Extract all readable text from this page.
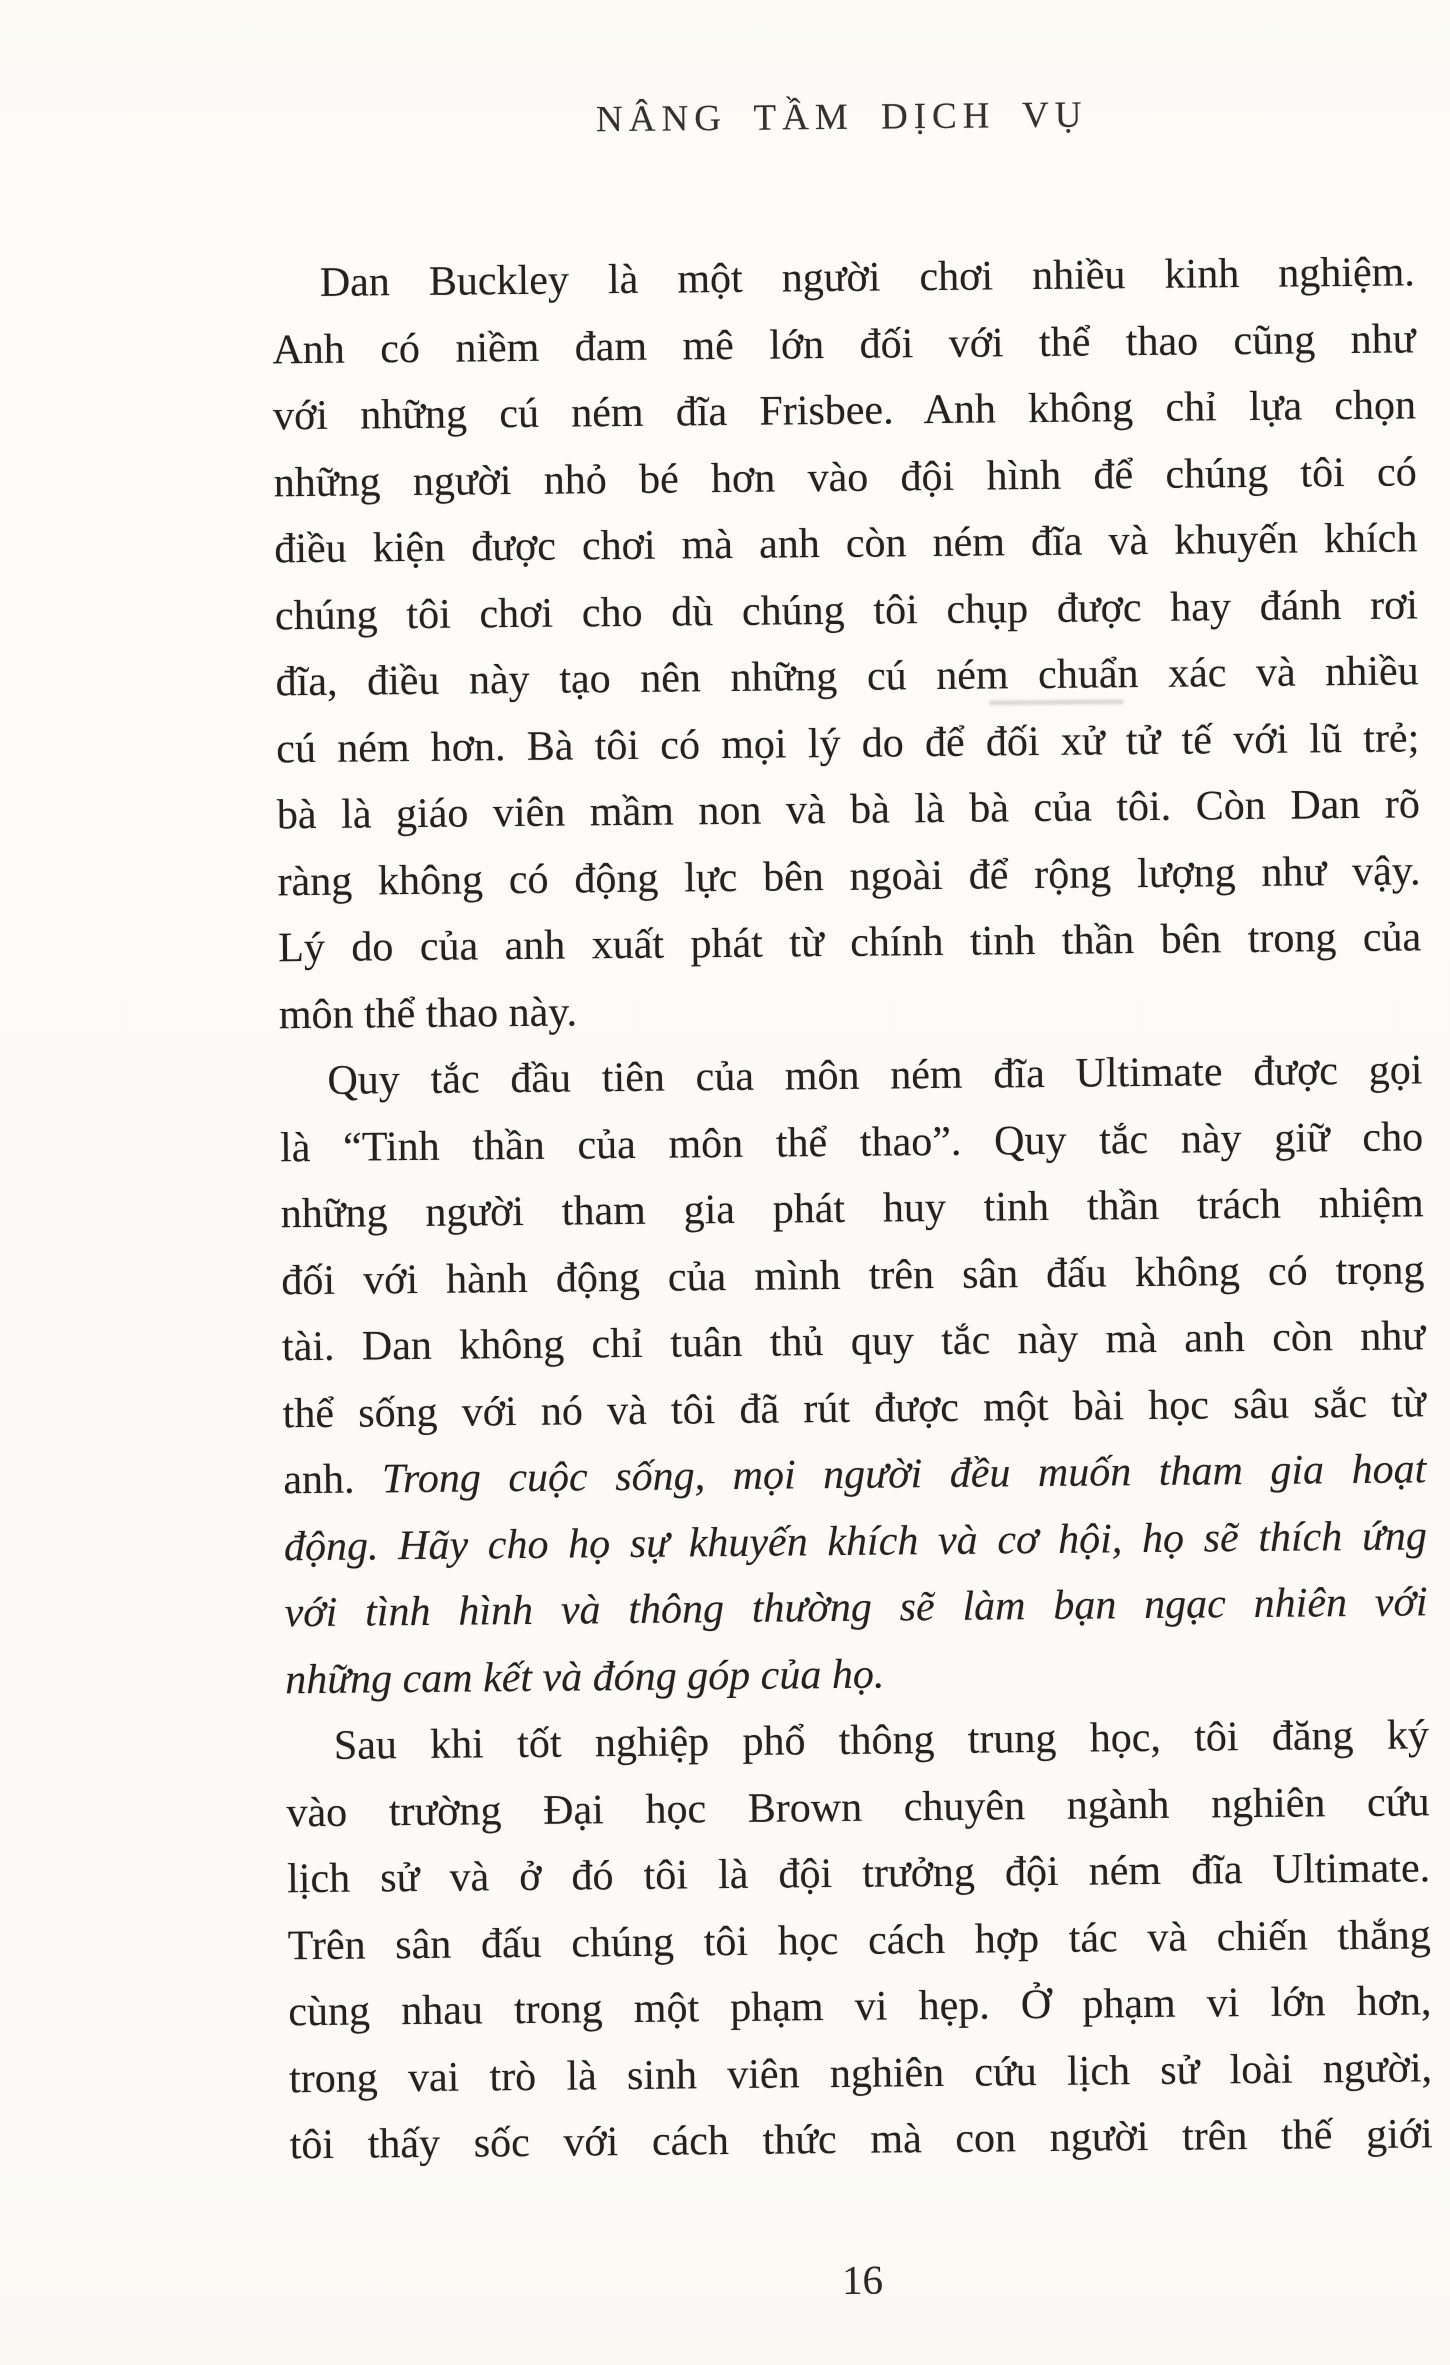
NÂNG TẦM DỊCH VỤ
Dan Buckley là một người chơi nhiều kinh nghiệm.
Anh có niềm đam mê lớn đối với thể thao cũng như
với những cú ném đĩa Frisbee. Anh không chỉ lựa chọn
những người nhỏ bé hơn vào đội hình để chúng tôi có
điều kiện được chơi mà anh còn ném đĩa và khuyến khích
chúng tôi chơi cho dù chúng tôi chụp được hay đánh rơi
đĩa, điều này tạo nên những cú ném chuẩn xác và nhiều
cú ném hơn. Bà tôi có mọi lý do để đối xử tử tế với lũ trẻ;
bà là giáo viên mầm non và bà là bà của tôi. Còn Dan rõ
ràng không có động lực bên ngoài để rộng lượng như vậy.
Lý do của anh xuất phát từ chính tinh thần bên trong của
môn thể thao này.
Quy tắc đầu tiên của môn ném đĩa Ultimate được gọi
là “Tinh thần của môn thể thao”. Quy tắc này giữ cho
những người tham gia phát huy tinh thần trách nhiệm
đối với hành động của mình trên sân đấu không có trọng
tài. Dan không chỉ tuân thủ quy tắc này mà anh còn như
thể sống với nó và tôi đã rút được một bài học sâu sắc từ
anh. Trong cuộc sống, mọi người đều muốn tham gia hoạt
động. Hãy cho họ sự khuyến khích và cơ hội, họ sẽ thích ứng
với tình hình và thông thường sẽ làm bạn ngạc nhiên với
những cam kết và đóng góp của họ.
Sau khi tốt nghiệp phổ thông trung học, tôi đăng ký
vào trường Đại học Brown chuyên ngành nghiên cứu
lịch sử và ở đó tôi là đội trưởng đội ném đĩa Ultimate.
Trên sân đấu chúng tôi học cách hợp tác và chiến thắng
cùng nhau trong một phạm vi hẹp. Ở phạm vi lớn hơn,
trong vai trò là sinh viên nghiên cứu lịch sử loài người,
tôi thấy sốc với cách thức mà con người trên thế giới
16
